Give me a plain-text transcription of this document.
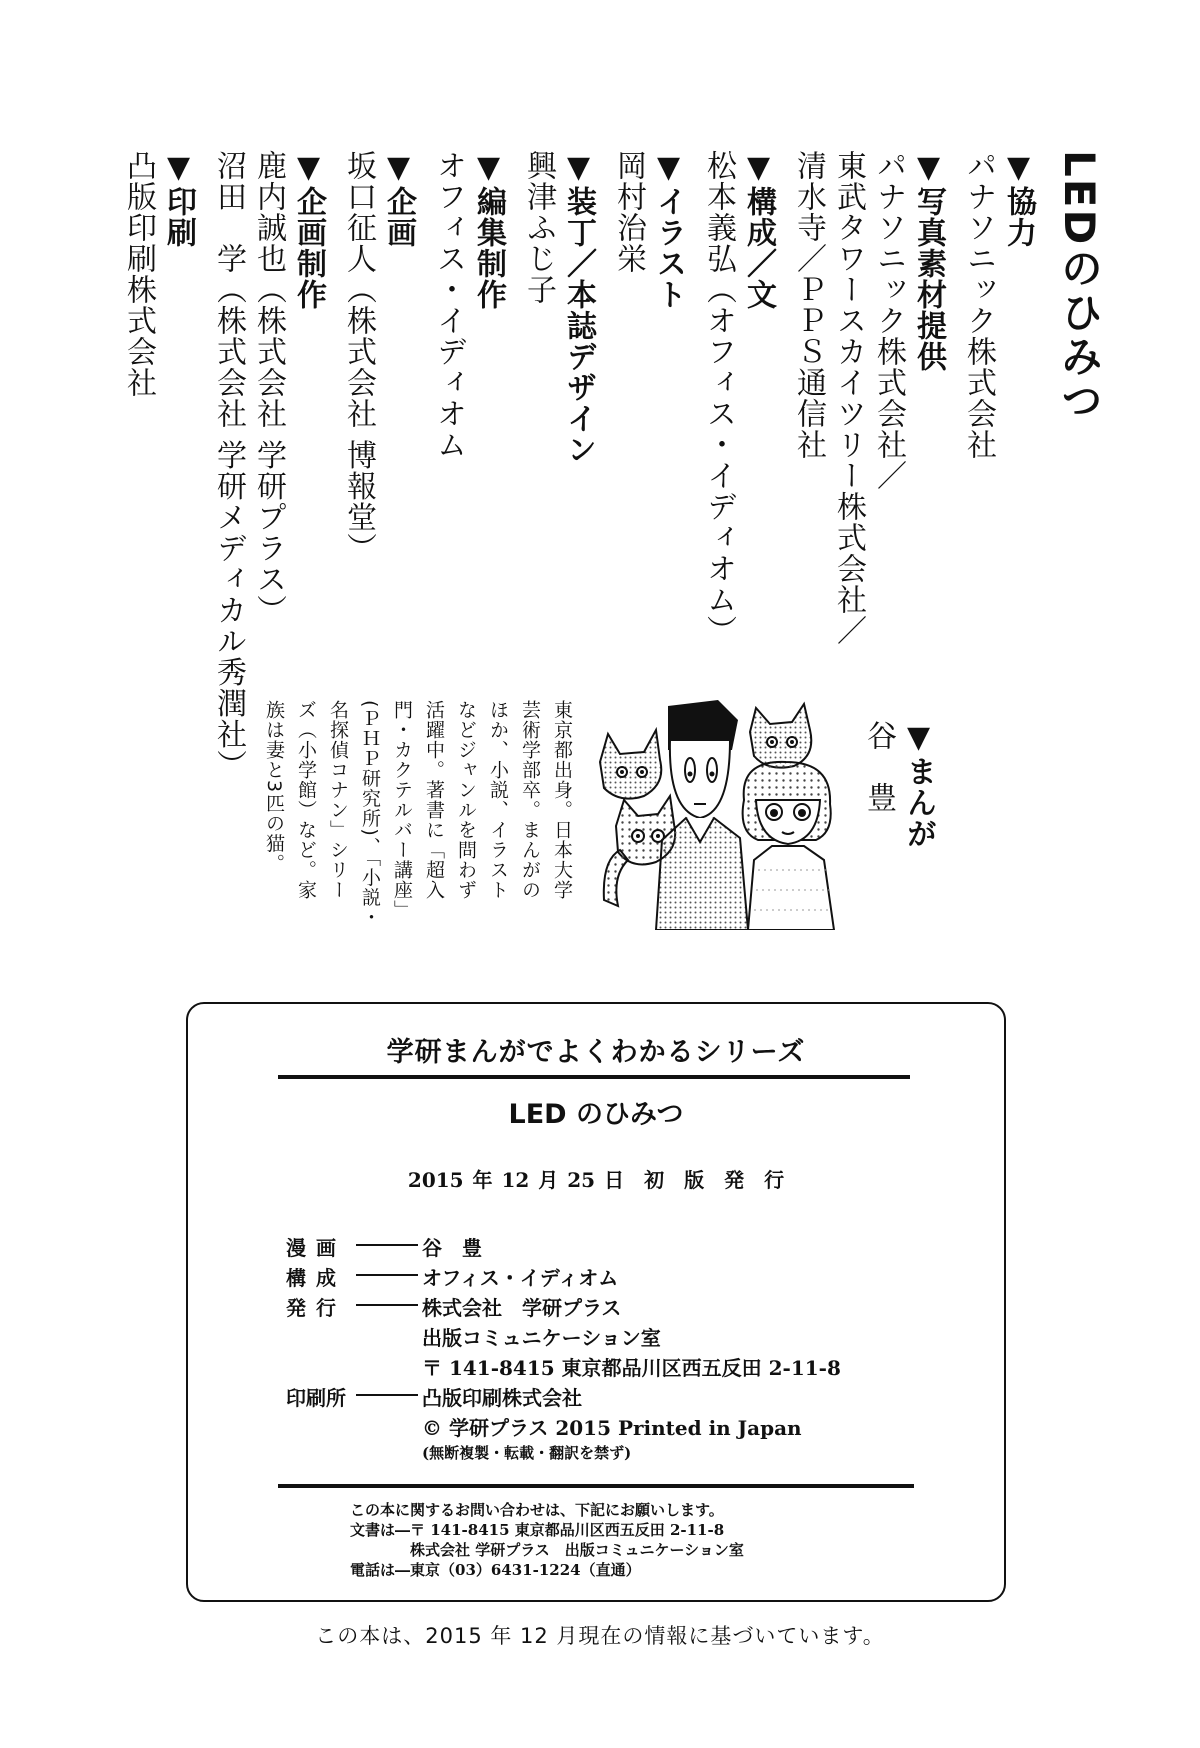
LEDのひみつ
▼協力
パナソニック株式会社
▼写真素材提供
パナソニック株式会社／
東武タワースカイツリー株式会社／
清水寺／ＰＰＳ通信社
▼構成／文
松本義弘（オフィス・イディオム）
▼イラスト
岡村治栄
▼装丁／本誌デザイン
興津ふじ子
▼編集制作
オフィス・イディオム
▼企画
坂口征人（株式会社 博報堂）
▼企画制作
鹿内誠也（株式会社 学研プラス）
沼田　学（株式会社 学研メディカル秀潤社）
▼印刷
凸版印刷株式会社
▼まんが
谷　豊
東京都出身。日本大学
芸術学部卒。まんがの
ほか、小説、イラスト
などジャンルを問わず
活躍中。著書に「超入
門・カクテルバー講座」
(ＰＨＰ研究所)、「小説・
名探偵コナン」シリー
ズ（小学館）など。家
族は妻と3匹の猫。
学研まんがでよくわかるシリーズ
LED のひみつ
2015 年 12 月 25 日　初　版　発　行
漫画	谷　豊
構成	オフィス・イディオム
発行	株式会社　学研プラス
出版コミュニケーション室
〒 141-8415 東京都品川区西五反田 2-11-8
印刷所	凸版印刷株式会社
© 学研プラス 2015 Printed in Japan
(無断複製・転載・翻訳を禁ず)
この本に関するお問い合わせは、下記にお願いします。
文書は―〒 141-8415 東京都品川区西五反田 2-11-8
　　　　株式会社 学研プラス　出版コミュニケーション室
電話は―東京（03）6431-1224（直通）
この本は、2015 年 12 月現在の情報に基づいています。
